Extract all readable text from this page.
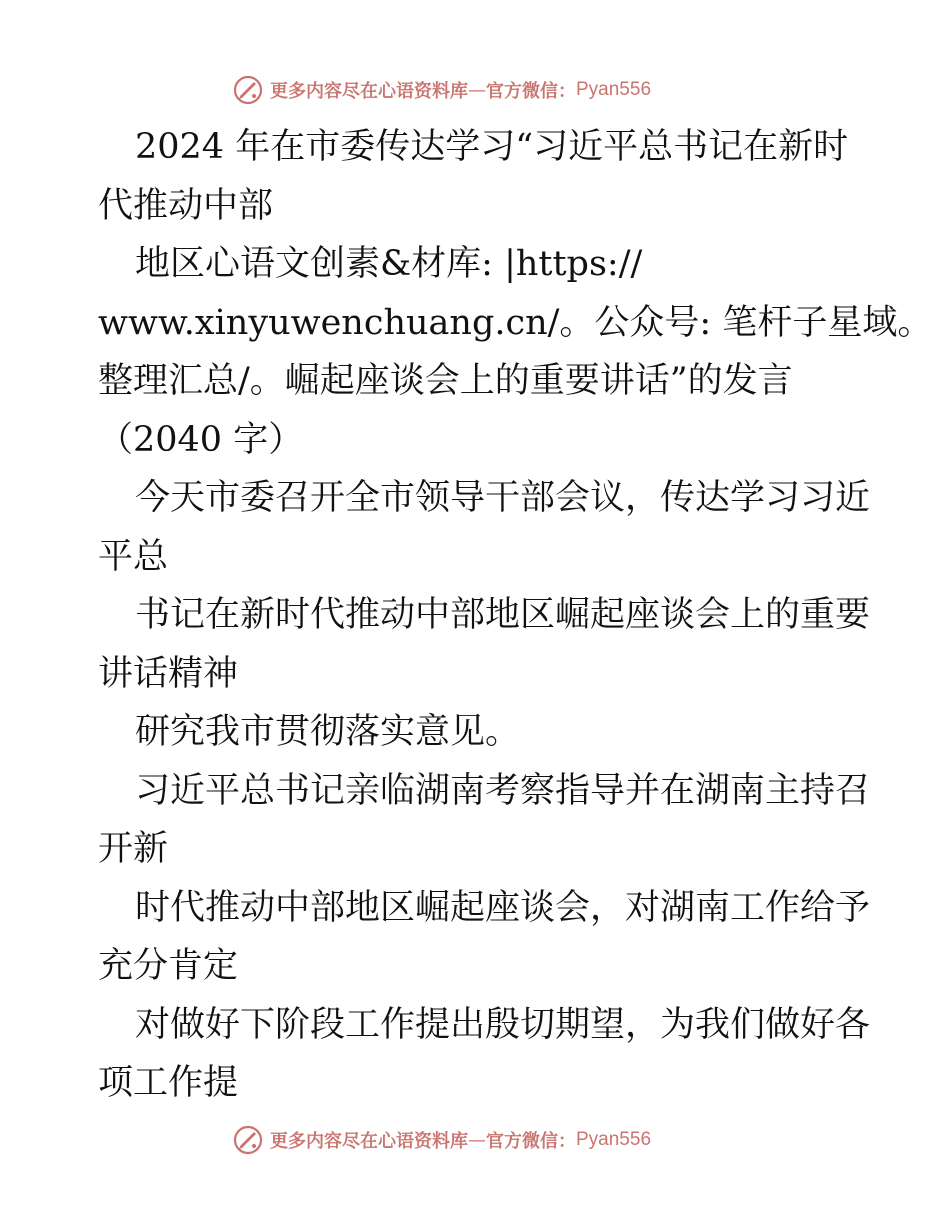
更多内容尽在心语资料库 — 官方微信： Pyan556
2024 年在市委传达学习“习近平总书记在新时
代推动中部
地区心语文创素&材库: |https://
www.xinyuwenchuang.cn/。公众号: 笔杆子星域。
整理汇总/。崛起座谈会上的重要讲话”的发言
（2040 字）
今天市委召开全市领导干部会议，传达学习习近
平总
书记在新时代推动中部地区崛起座谈会上的重要
讲话精神
研究我市贯彻落实意见。
习近平总书记亲临湖南考察指导并在湖南主持召
开新
时代推动中部地区崛起座谈会，对湖南工作给予
充分肯定
对做好下阶段工作提出殷切期望，为我们做好各
项工作提
更多内容尽在心语资料库 — 官方微信： Pyan556
